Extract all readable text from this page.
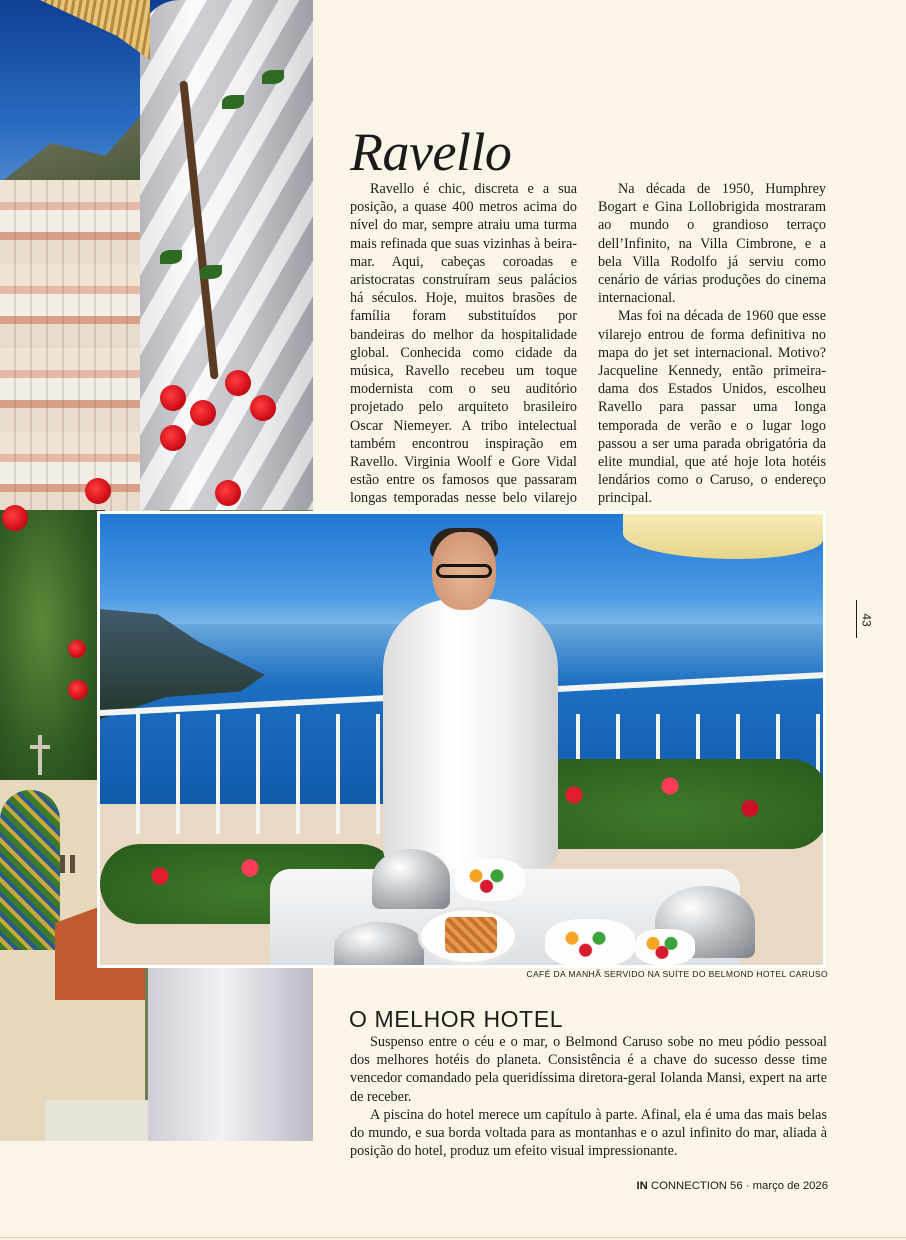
Ravello

Ravello é chic, discreta e a sua posição, a quase 400 metros acima do nível do mar, sempre atraiu uma turma mais refinada que suas vizinhas à beira-mar. Aqui, cabeças coroadas e aristocratas construíram seus palácios há séculos. Hoje, muitos brasões de família foram substituídos por bandeiras do melhor da hospitalidade global. Conhecida como cidade da música, Ravello recebeu um toque modernista com o seu auditório projetado pelo arquiteto brasileiro Oscar Niemeyer. A tribo intelectual também encontrou inspiração em Ravello. Virginia Woolf e Gore Vidal estão entre os famosos que passaram longas temporadas nesse belo vilarejo

Na década de 1950, Humphrey Bogart e Gina Lollobrigida mostraram ao mundo o grandioso terraço dell’Infinito, na Villa Cimbrone, e a bela Villa Rodolfo já serviu como cenário de várias produções do cinema internacional.

Mas foi na década de 1960 que esse vilarejo entrou de forma definitiva no mapa do jet set internacional. Motivo? Jacqueline Kennedy, então primeira-dama dos Estados Unidos, escolheu Ravello para passar uma longa temporada de verão e o lugar logo passou a ser uma parada obrigatória da elite mundial, que até hoje lota hotéis lendários como o Caruso, o endereço principal.

CAFÉ DA MANHÃ SERVIDO NA SUÍTE DO BELMOND HOTEL CARUSO

O MELHOR HOTEL

Suspenso entre o céu e o mar, o Belmond Caruso sobe no meu pódio pessoal dos melhores hotéis do planeta. Consistência é a chave do sucesso desse time vencedor comandado pela queridíssima diretora-geral Iolanda Mansi, expert na arte de receber.

A piscina do hotel merece um capítulo à parte. Afinal, ela é uma das mais belas do mundo, e sua borda voltada para as montanhas e o azul infinito do mar, aliada à posição do hotel, produz um efeito visual impressionante.

43

IN CONNECTION 56 · março de 2026
